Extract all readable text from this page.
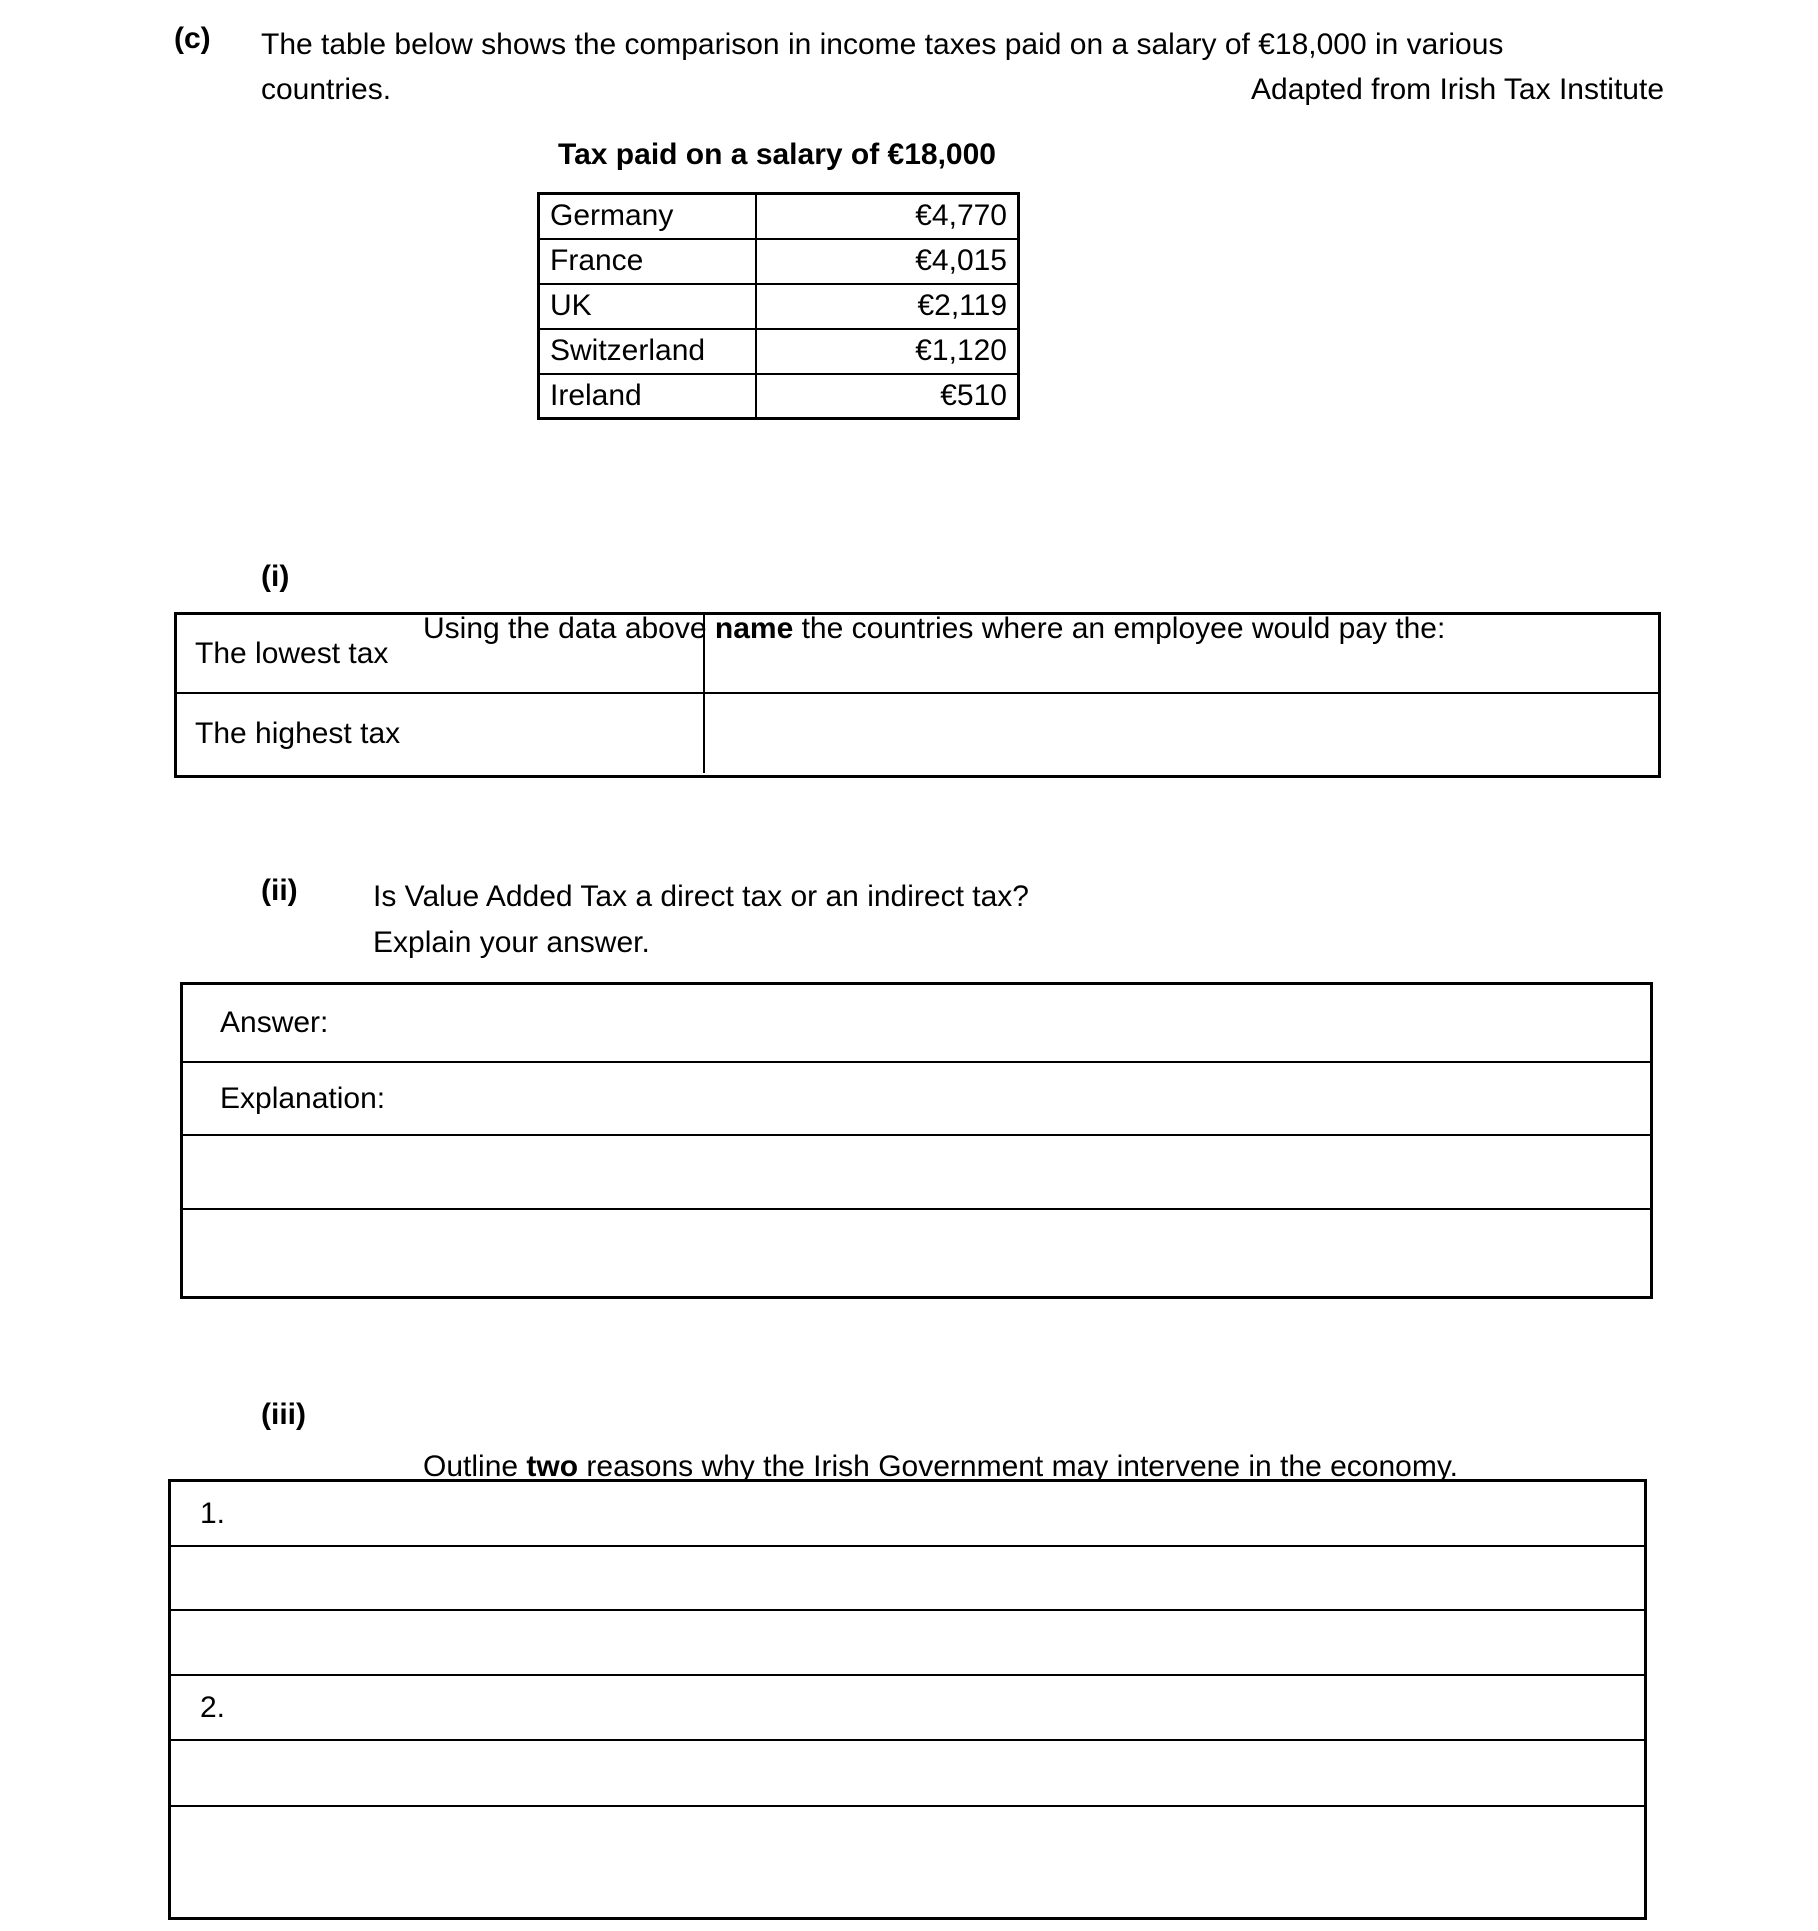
(c)	The table below shows the comparison in income taxes paid on a salary of €18,000 in various
countries.	Adapted from Irish Tax Institute
Tax paid on a salary of €18,000
Germany	€4,770
France	€4,015
UK	€2,119
Switzerland	€1,120
Ireland	€510
(i)

Using the data above name the countries where an employee would pay the:

The lowest tax
The highest tax
(ii)	Is Value Added Tax a direct tax or an indirect tax?
Explain your answer.
Answer:
Explanation:
(iii)

Outline two reasons why the Irish Government may intervene in the economy.

1.
2.
